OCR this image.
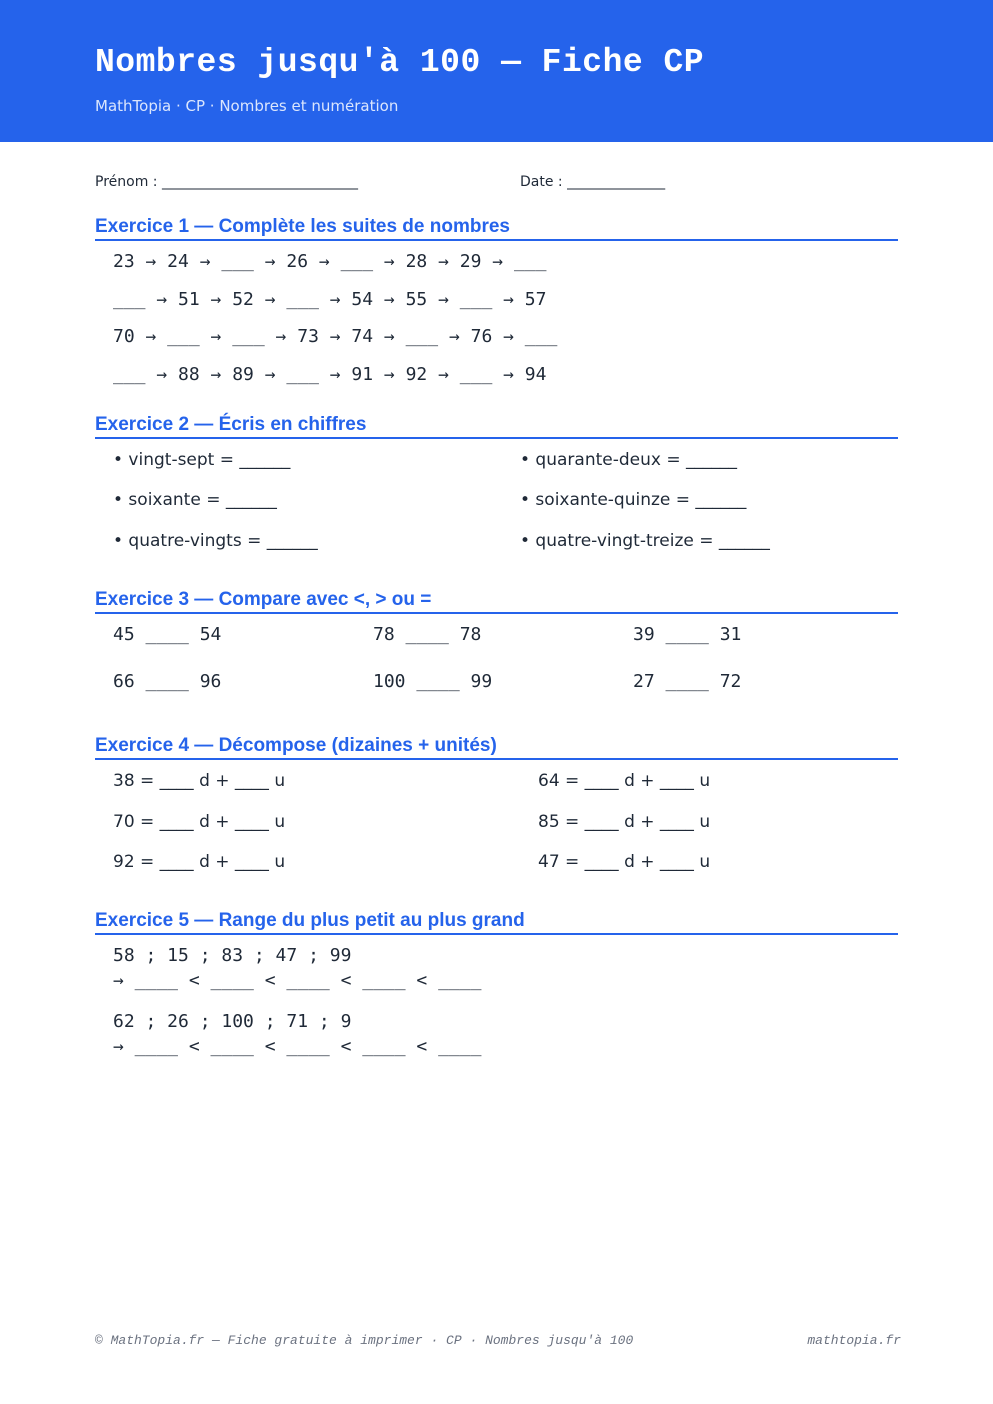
Nombres jusqu'à 100 — Fiche CP
MathTopia · CP · Nombres et numération
Prénom : ____________________________	Date : ______________
Exercice 1 — Complète les suites de nombres
23 → 24 → ___ → 26 → ___ → 28 → 29 → ___
___ → 51 → 52 → ___ → 54 → 55 → ___ → 57
70 → ___ → ___ → 73 → 74 → ___ → 76 → ___
___ → 88 → 89 → ___ → 91 → 92 → ___ → 94
Exercice 2 — Écris en chiffres
• vingt-sept = ______	• quarante-deux = ______
• soixante = ______	• soixante-quinze = ______
• quatre-vingts = ______	• quatre-vingt-treize = ______
Exercice 3 — Compare avec <, > ou =
45 ____ 54	78 ____ 78	39 ____ 31
66 ____ 96	100 ____ 99	27 ____ 72
Exercice 4 — Décompose (dizaines + unités)
38 = ____ d + ____ u	64 = ____ d + ____ u
70 = ____ d + ____ u	85 = ____ d + ____ u
92 = ____ d + ____ u	47 = ____ d + ____ u
Exercice 5 — Range du plus petit au plus grand
58 ; 15 ; 83 ; 47 ; 99
→ ____ < ____ < ____ < ____ < ____
62 ; 26 ; 100 ; 71 ; 9
→ ____ < ____ < ____ < ____ < ____
© MathTopia.fr — Fiche gratuite à imprimer · CP · Nombres jusqu'à 100	mathtopia.fr
